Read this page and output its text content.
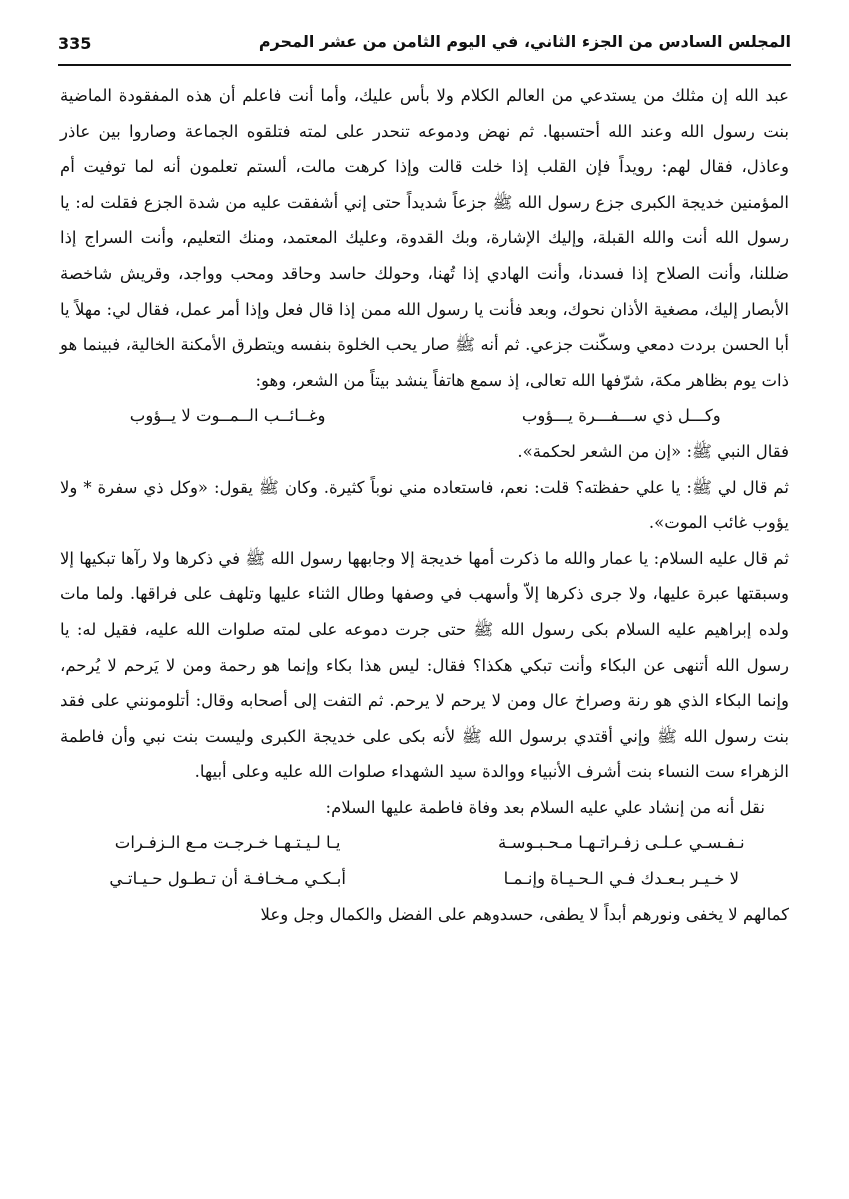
المجلس السادس من الجزء الثاني، في اليوم الثامن من عشر المحرم
335

عبد الله إن مثلك من يستدعي من العالم الكلام ولا بأس عليك، وأما أنت فاعلم أن هذه المفقودة الماضية بنت رسول الله وعند الله أحتسبها. ثم نهض ودموعه تنحدر على لمته فتلقوه الجماعة وصاروا بين عاذر وعاذل، فقال لهم: رويداً فإن القلب إذا خلت قالت وإذا كرهت مالت، ألستم تعلمون أنه لما توفيت أم المؤمنين خديجة الكبرى جزع رسول الله ﷺ جزعاً شديداً حتى إني أشفقت عليه من شدة الجزع فقلت له: يا رسول الله أنت والله القبلة، وإليك الإشارة، وبك القدوة، وعليك المعتمد، ومنك التعليم، وأنت السراج إذا ضللنا، وأنت الصلاح إذا فسدنا، وأنت الهادي إذا تُهنا، وحولك حاسد وحاقد ومحب وواجد، وقريش شاخصة الأبصار إليك، مصغية الأذان نحوك، وبعد فأنت يا رسول الله ممن إذا قال فعل وإذا أمر عمل، فقال لي: مهلاً يا أبا الحسن بردت دمعي وسكّنت جزعي. ثم أنه ﷺ صار يحب الخلوة بنفسه ويتطرق الأمكنة الخالية، فبينما هو ذات يوم بظاهر مكة، شرّفها الله تعالى، إذ سمع هاتفاً ينشد بيتاً من الشعر، وهو:

وكـــل ذي ســـفـــرة يـــؤوب
وغــائــب الــمــوت لا يــؤوب

فقال النبي ﷺ: «إن من الشعر لحكمة».

ثم قال لي ﷺ: يا علي حفظته؟ قلت: نعم، فاستعاده مني نوباً كثيرة. وكان ﷺ يقول: «وكل ذي سفرة * ولا يؤوب غائب الموت».

ثم قال عليه السلام: يا عمار والله ما ذكرت أمها خديجة إلا وجابهها رسول الله ﷺ في ذكرها ولا رآها تبكيها إلا وسبقتها عبرة عليها، ولا جرى ذكرها إلاّ وأسهب في وصفها وطال الثناء عليها وتلهف على فراقها. ولما مات ولده إبراهيم عليه السلام بكى رسول الله ﷺ حتى جرت دموعه على لمته صلوات الله عليه، فقيل له: يا رسول الله أتنهى عن البكاء وأنت تبكي هكذا؟ فقال: ليس هذا بكاء وإنما هو رحمة ومن لا يَرحم لا يُرحم، وإنما البكاء الذي هو رنة وصراخ عال ومن لا يرحم لا يرحم. ثم التفت إلى أصحابه وقال: أتلومونني على فقد بنت رسول الله ﷺ وإني أقتدي برسول الله ﷺ لأنه بكى على خديجة الكبرى وليست بنت نبي وأن فاطمة الزهراء ست النساء بنت أشرف الأنبياء ووالدة سيد الشهداء صلوات الله عليه وعلى أبيها.

نقل أنه من إنشاد علي عليه السلام بعد وفاة فاطمة عليها السلام:

نـفـسـي عـلـى زفـراتـهـا مـحـبـوسـة
يـا لـيـتـهـا خـرجـت مـع الـزفـرات
لا خـيـر بـعـدك فـي الـحـيـاة وإنـمـا
أبـكـي مـخـافـة أن تـطـول حـيـاتـي

كمالهم لا يخفى ونورهم أبداً لا يطفى، حسدوهم على الفضل والكمال وجل وعلا
